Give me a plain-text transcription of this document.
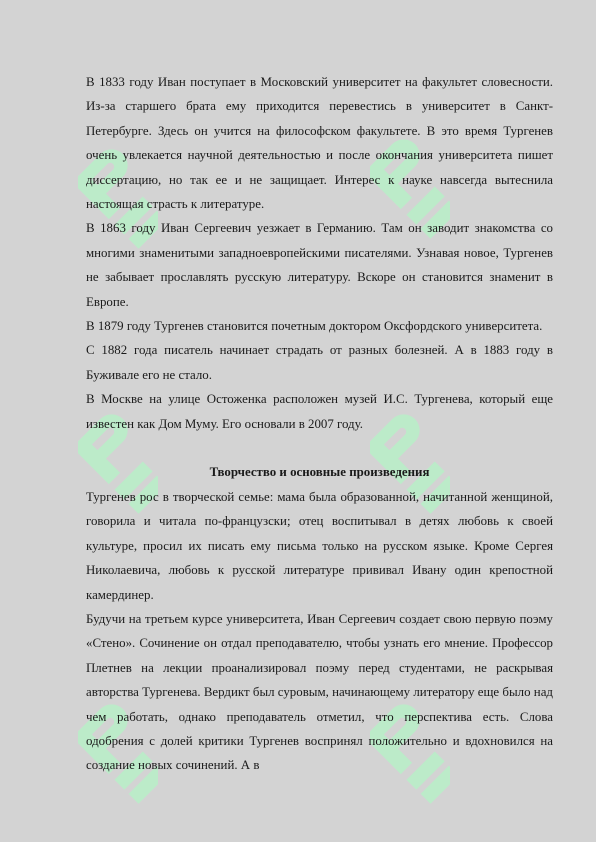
В 1833 году Иван поступает в Московский университет на факультет словесности. Из-за старшего брата ему приходится перевестись в университет в Санкт-Петербурге. Здесь он учится на философском факультете. В это время Тургенев очень увлекается научной деятельностью и после окончания университета пишет диссертацию, но так ее и не защищает. Интерес к науке навсегда вытеснила настоящая страсть к литературе.

В 1863 году Иван Сергеевич уезжает в Германию. Там он заводит знакомства со многими знаменитыми западноевропейскими писателями. Узнавая новое, Тургенев не забывает прославлять русскую литературу. Вскоре он становится знаменит в Европе.

В 1879 году Тургенев становится почетным доктором Оксфордского университета.

С 1882 года писатель начинает страдать от разных болезней. А в 1883 году в Буживале его не стало.

В Москве на улице Остоженка расположен музей И.С. Тургенева, который еще известен как Дом Муму. Его основали в 2007 году.

Творчество и основные произведения

Тургенев рос в творческой семье: мама была образованной, начитанной женщиной, говорила и читала по-французски; отец воспитывал в детях любовь к своей культуре, просил их писать ему письма только на русском языке. Кроме Сергея Николаевича, любовь к русской литературе прививал Ивану один крепостной камердинер.

Будучи на третьем курсе университета, Иван Сергеевич создает свою первую поэму «Стено». Сочинение он отдал преподавателю, чтобы узнать его мнение. Профессор Плетнев на лекции проанализировал поэму перед студентами, не раскрывая авторства Тургенева. Вердикт был суровым, начинающему литератору еще было над чем работать, однако преподаватель отметил, что перспектива есть. Слова одобрения с долей критики Тургенев воспринял положительно и вдохновился на создание новых сочинений. А в
